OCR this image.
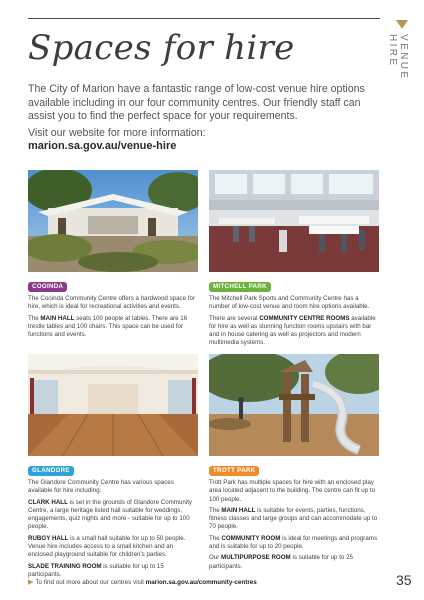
VENUE HIRE
Spaces for hire

The City of Marion have a fantastic range of low-cost venue hire options available including in our four community centres. Our friendly staff can assist you to find the perfect space for your requirements.

Visit our website for more information:

marion.sa.gov.au/venue-hire
COOINDA

The Cooinda Community Centre offers a hardwood space for hire, which is ideal for recreational activities and events.

The MAIN HALL seats 100 people at tables. There are 16 trestle tables and 100 chairs. This space can be used for functions and events.

MITCHELL PARK

The Mitchell Park Sports and Community Centre has a number of low-cost venue and room hire options available.

There are several COMMUNITY CENTRE ROOMS available for hire as well as stunning function rooms upstairs with bar and in house catering as well as projectors and modern multimedia systems.

GLANDORE

The Glandore Community Centre has various spaces available for hire including:

CLARK HALL is set in the grounds of Glandore Community Centre, a large heritage listed hall suitable for weddings, engagements, quiz nights and more - suitable for up to 100 people.

RUBGY HALL is a small hall suitable for up to 50 people. Venue hire includes access to a small kitchen and an enclosed playground suitable for children's parties.

SLADE TRAINING ROOM is suitable for up to 15 participants.

TROTT PARK

Trott Park has multiple spaces for hire with an enclosed play area located adjacent to the building. The centre can fit up to 100 people.

The MAIN HALL is suitable for events, parties, functions, fitness classes and large groups and can accommodate up to 70 people.

The COMMUNITY ROOM is ideal for meetings and programs and is suitable for up to 20 people.

Our MULTIPURPOSE ROOM is suitable for up to 25 participants.

▶ To find out more about our centres visit marion.sa.gov.au/community-centres	35
